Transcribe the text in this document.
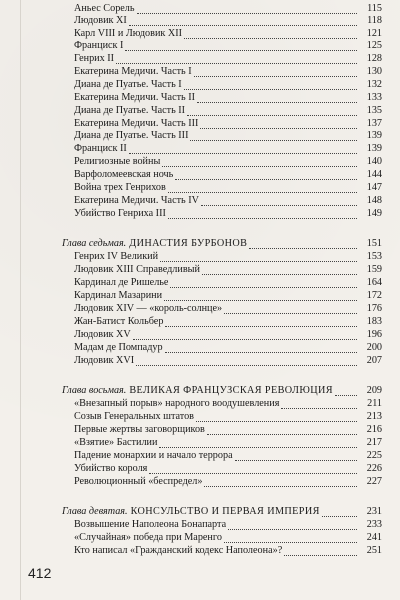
Аньес Сорель	115
Людовик XI	118
Карл VIII и Людовик XII	121
Франциск I	125
Генрих II	128
Екатерина Медичи. Часть I	130
Диана де Пуатье. Часть I	132
Екатерина Медичи. Часть II	133
Диана де Пуатье. Часть II	135
Екатерина Медичи. Часть III	137
Диана де Пуатье. Часть III	139
Франциск II	139
Религиозные войны	140
Варфоломеевская ночь	144
Война трех Генрихов	147
Екатерина Медичи. Часть IV	148
Убийство Генриха III	149
Глава седьмая. ДИНАСТИЯ БУРБОНОВ	151
Генрих IV Великий	153
Людовик XIII Справедливый	159
Кардинал де Ришелье	164
Кардинал Мазарини	172
Людовик XIV — «король-солнце»	176
Жан-Батист Кольбер	183
Людовик XV	196
Мадам де Помпадур	200
Людовик XVI	207
Глава восьмая. ВЕЛИКАЯ ФРАНЦУЗСКАЯ РЕВОЛЮЦИЯ	209
«Внезапный порыв» народного воодушевления	211
Созыв Генеральных штатов	213
Первые жертвы заговорщиков	216
«Взятие» Бастилии	217
Падение монархии и начало террора	225
Убийство короля	226
Революционный «беспредел»	227
Глава девятая. КОНСУЛЬСТВО И ПЕРВАЯ ИМПЕРИЯ	231
Возвышение Наполеона Бонапарта	233
«Случайная» победа при Маренго	241
Кто написал «Гражданский кодекс Наполеона»?	251
412
